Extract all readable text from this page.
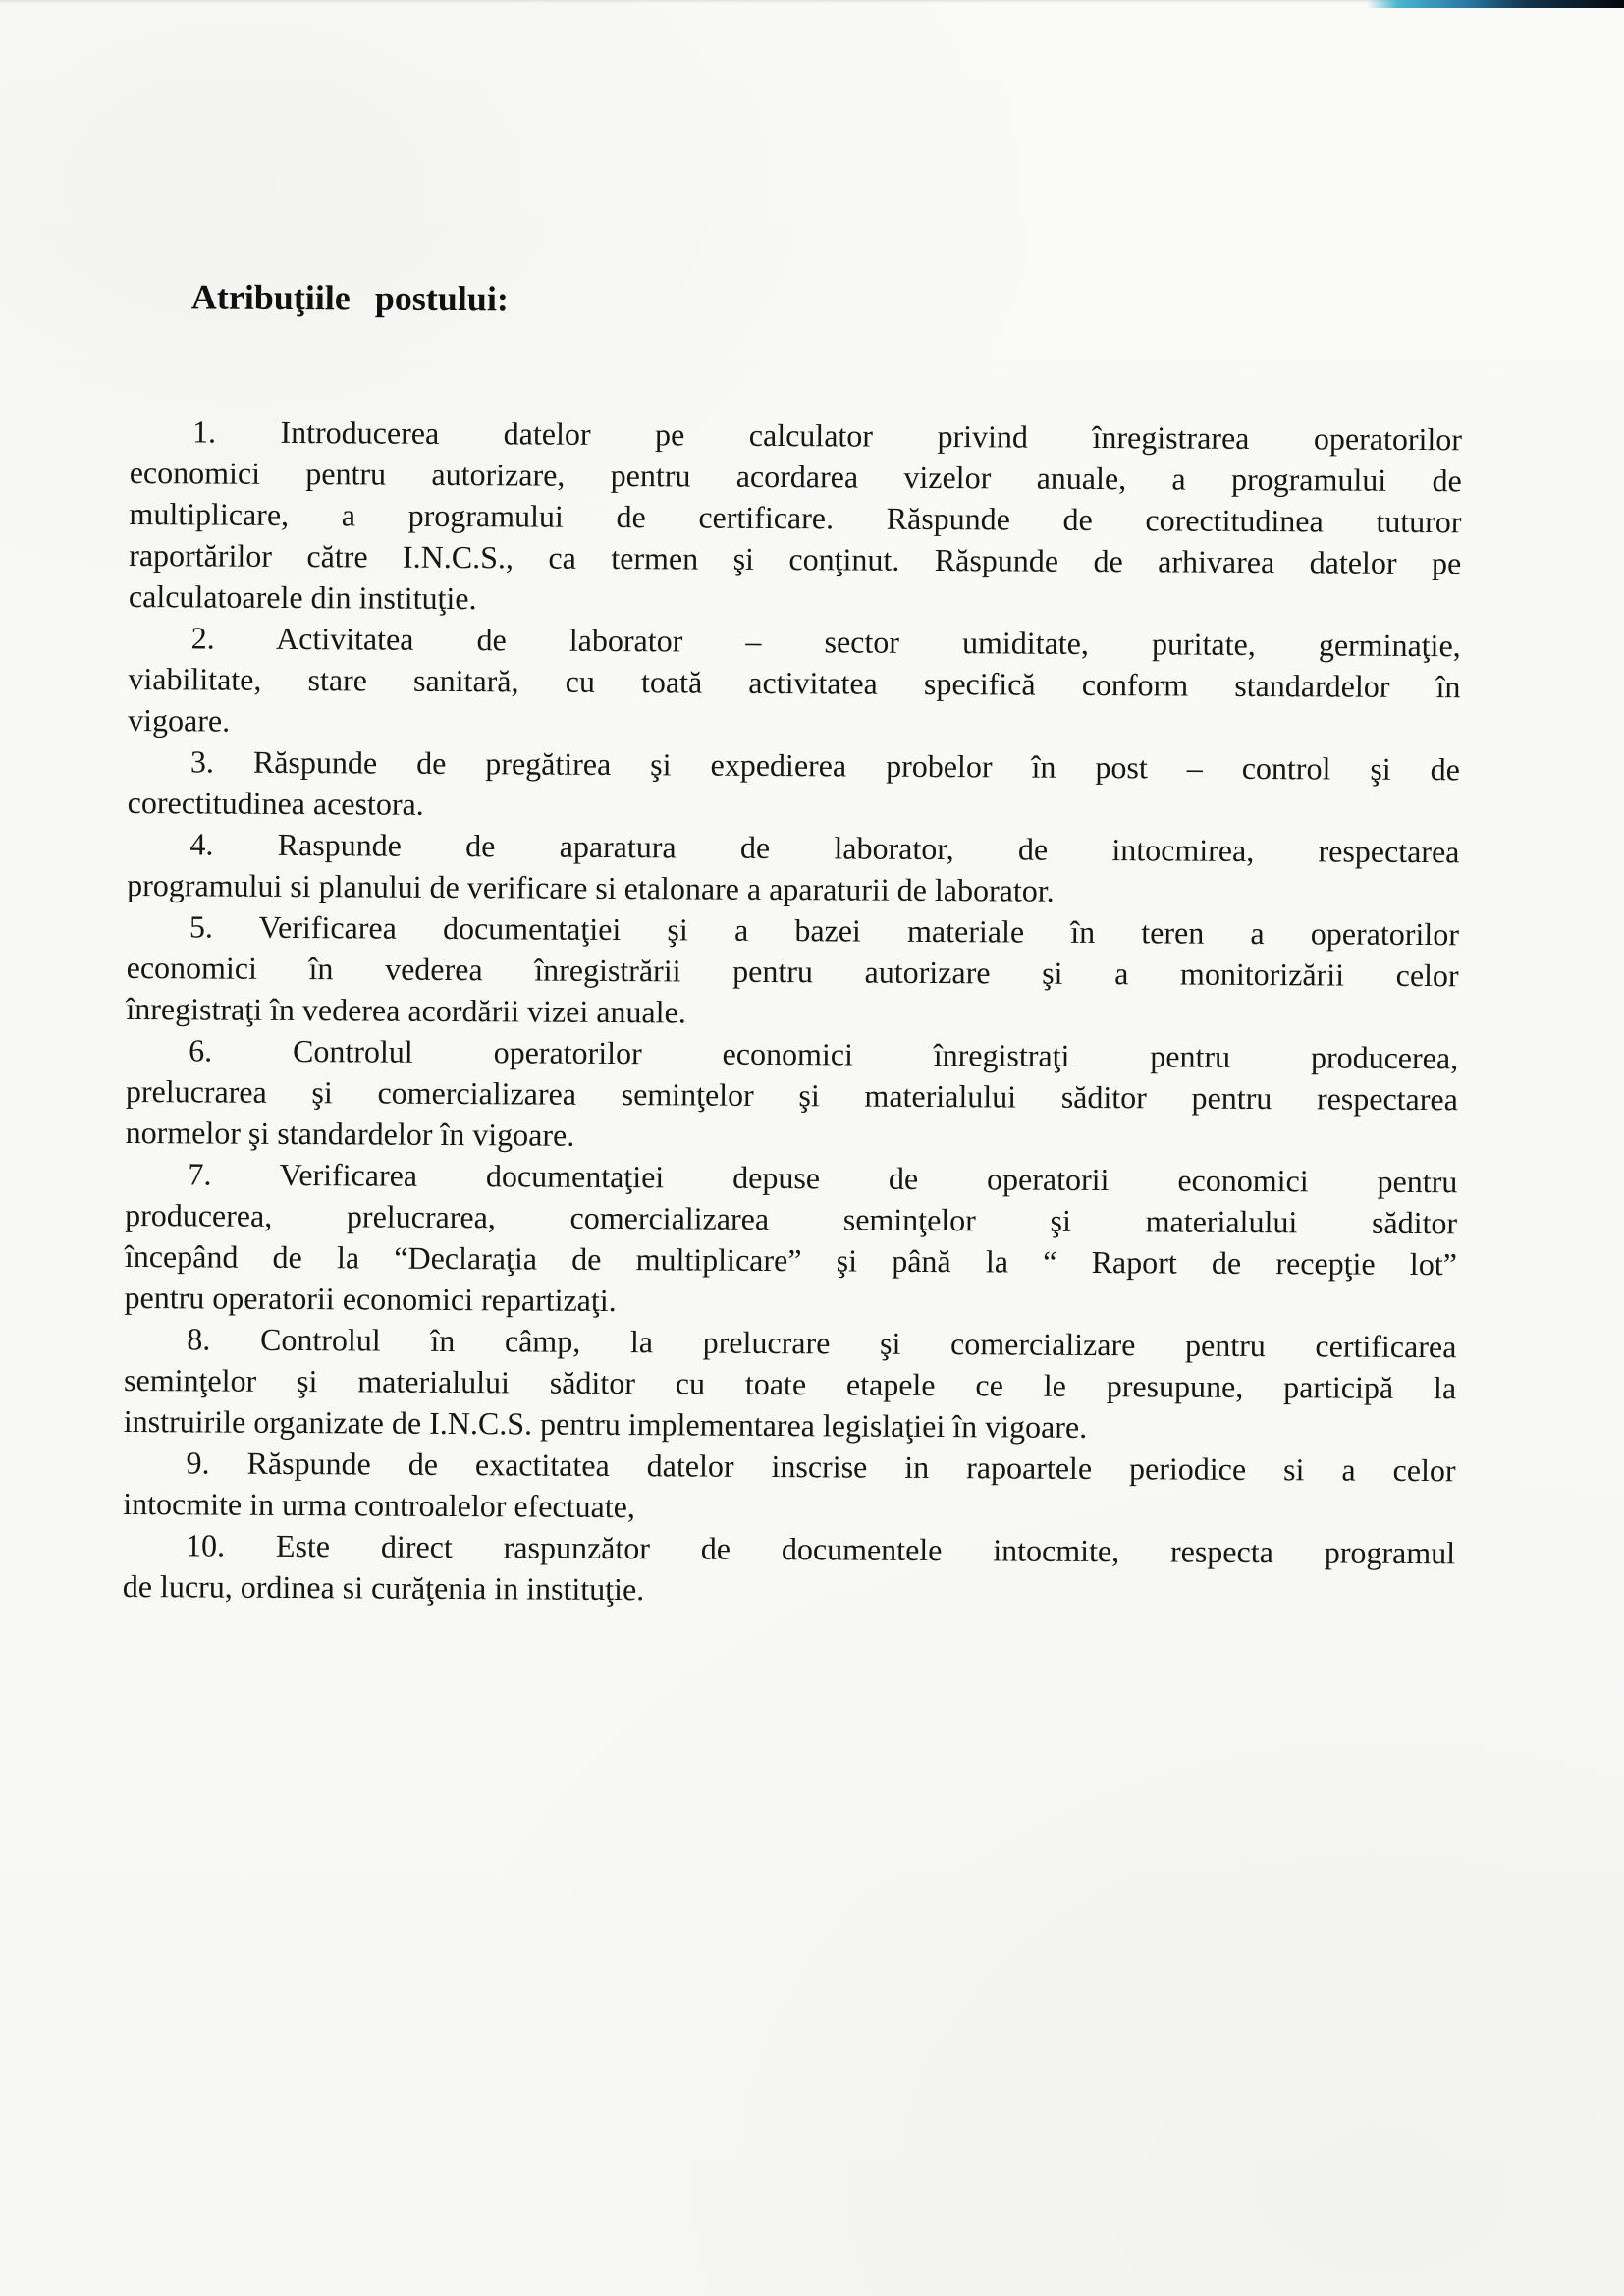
Atribuţiile postului:

1. Introducerea datelor pe calculator privind înregistrarea operatorilor
economici pentru autorizare, pentru acordarea vizelor anuale, a programului de
multiplicare, a programului de certificare. Răspunde de corectitudinea tuturor
raportărilor către I.N.C.S., ca termen şi conţinut. Răspunde de arhivarea datelor pe
calculatoarele din instituţie.

2. Activitatea de laborator – sector umiditate, puritate, germinaţie,
viabilitate, stare sanitară, cu toată activitatea specifică conform standardelor în
vigoare.

3. Răspunde de pregătirea şi expedierea probelor în post – control şi de
corectitudinea acestora.

4. Raspunde de aparatura de laborator, de intocmirea, respectarea
programului si planului de verificare si etalonare a aparaturii de laborator.

5. Verificarea documentaţiei şi a bazei materiale în teren a operatorilor
economici în vederea înregistrării pentru autorizare şi a monitorizării celor
înregistraţi în vederea acordării vizei anuale.

6. Controlul operatorilor economici înregistraţi pentru producerea,
prelucrarea şi comercializarea seminţelor şi materialului săditor pentru respectarea
normelor şi standardelor în vigoare.

7. Verificarea documentaţiei depuse de operatorii economici pentru
producerea, prelucrarea, comercializarea seminţelor şi materialului săditor
începând de la “Declaraţia de multiplicare” şi până la “ Raport de recepţie lot”
pentru operatorii economici repartizaţi.

8. Controlul în câmp, la prelucrare şi comercializare pentru certificarea
seminţelor şi materialului săditor cu toate etapele ce le presupune, participă la
instruirile organizate de I.N.C.S. pentru implementarea legislaţiei în vigoare.

9. Răspunde de exactitatea datelor inscrise in rapoartele periodice si a celor
intocmite in urma controalelor efectuate,

10. Este direct raspunzător de documentele intocmite, respecta programul
de lucru, ordinea si curăţenia in instituţie.
